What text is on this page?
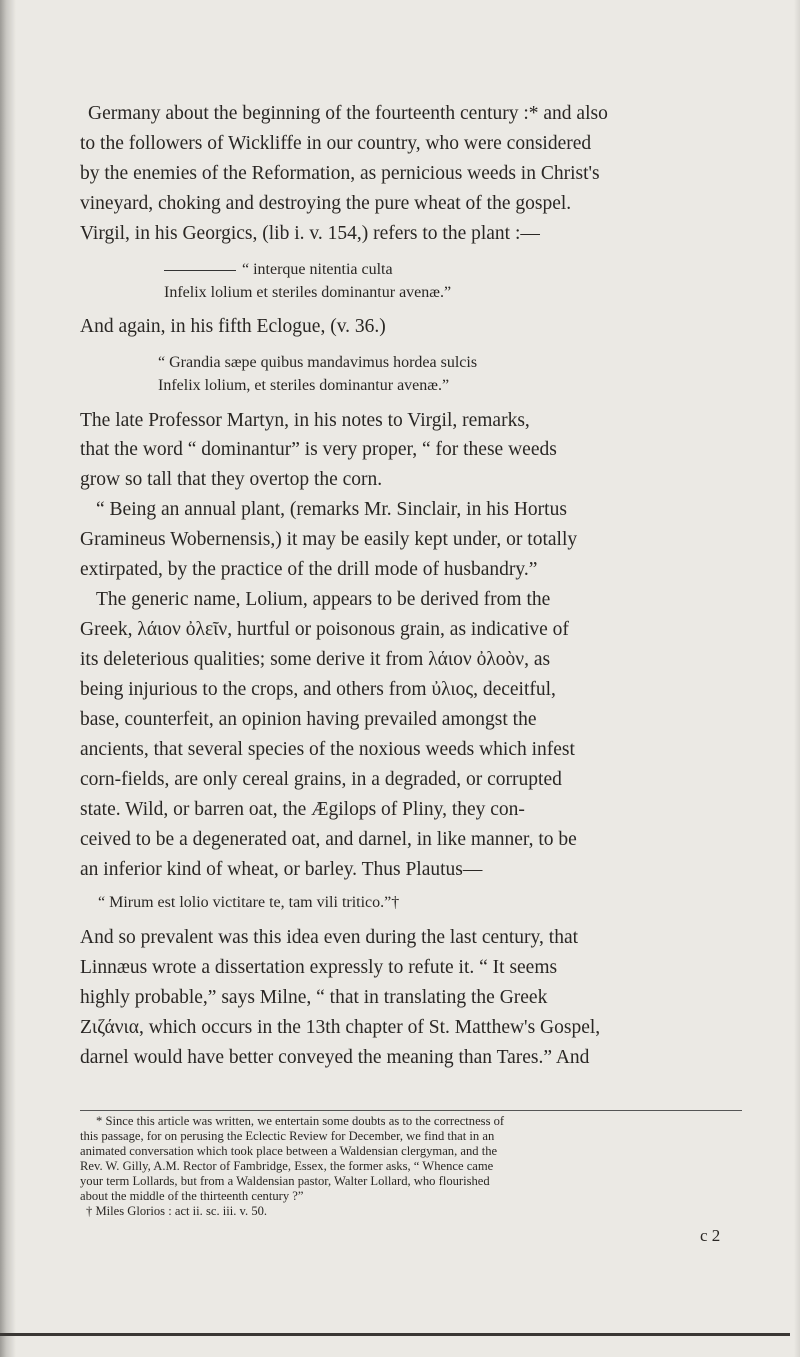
Germany about the beginning of the fourteenth century :* and also
to the followers of Wickliffe in our country, who were considered
by the enemies of the Reformation, as pernicious weeds in Christ's
vineyard, choking and destroying the pure wheat of the gospel.
Virgil, in his Georgics, (lib i. v. 154,) refers to the plant :—
“ interque nitentia culta
Infelix lolium et steriles dominantur avenæ.”
And again, in his fifth Eclogue, (v. 36.)
“ Grandia sæpe quibus mandavimus hordea sulcis
Infelix lolium, et steriles dominantur avenæ.”
The late Professor Martyn, in his notes to Virgil, remarks,
that the word “ dominantur” is very proper, “ for these weeds
grow so tall that they overtop the corn.
“ Being an annual plant, (remarks Mr. Sinclair, in his Hortus
Gramineus Wobernensis,) it may be easily kept under, or totally
extirpated, by the practice of the drill mode of husbandry.”
The generic name, Lolium, appears to be derived from the
Greek, λάιον ὀλεῖν, hurtful or poisonous grain, as indicative of
its deleterious qualities; some derive it from λάιον ὀλοὸν, as
being injurious to the crops, and others from ὐλιος, deceitful,
base, counterfeit, an opinion having prevailed amongst the
ancients, that several species of the noxious weeds which infest
corn-fields, are only cereal grains, in a degraded, or corrupted
state. Wild, or barren oat, the Ægilops of Pliny, they con-
ceived to be a degenerated oat, and darnel, in like manner, to be
an inferior kind of wheat, or barley. Thus Plautus—
“ Mirum est lolio victitare te, tam vili tritico.”†
And so prevalent was this idea even during the last century, that
Linnæus wrote a dissertation expressly to refute it. “ It seems
highly probable,” says Milne, “ that in translating the Greek
Ζιζάνια, which occurs in the 13th chapter of St. Matthew's Gospel,
darnel would have better conveyed the meaning than Tares.” And
* Since this article was written, we entertain some doubts as to the correctness of
this passage, for on perusing the Eclectic Review for December, we find that in an
animated conversation which took place between a Waldensian clergyman, and the
Rev. W. Gilly, A.M. Rector of Fambridge, Essex, the former asks, “ Whence came
your term Lollards, but from a Waldensian pastor, Walter Lollard, who flourished
about the middle of the thirteenth century ?”
† Miles Glorios : act ii. sc. iii. v. 50.
c 2
